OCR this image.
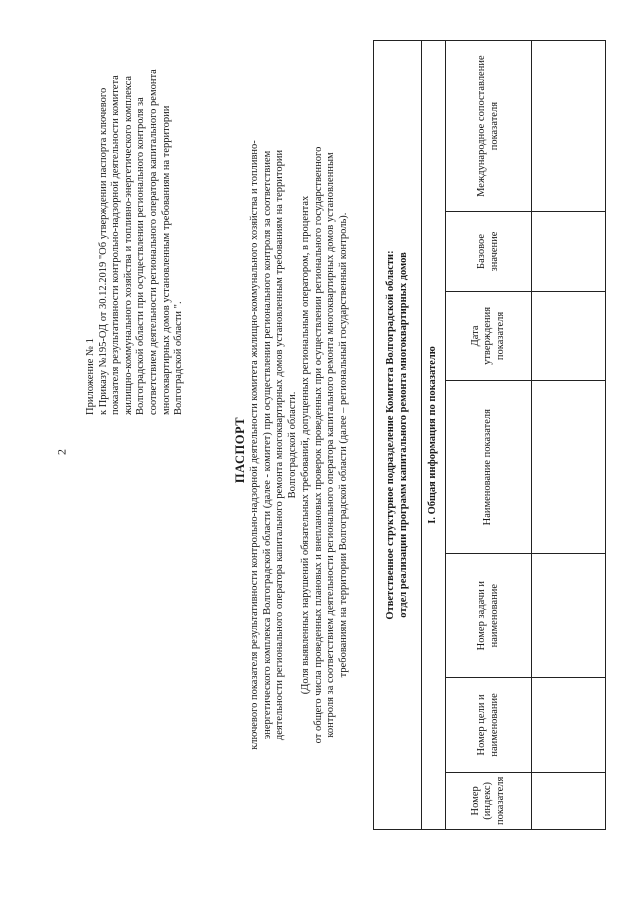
2

Приложение № 1 к Приказу №195-ОД от 30.12.2019 "Об утверждении паспорта ключевого показателя результативности контрольно-надзорной деятельности комитета жилищно-коммунального хозяйства и топливно-энергетического комплекса Волгоградской области при осуществлении регионального контроля за соответствием деятельности регионального оператора капитального ремонта многоквартирных домов установленным требованиям на территории Волгоградской области ".

ПАСПОРТ ключевого показателя результативности контрольно-надзорной деятельности комитета жилищно-коммунального хозяйства и топливно- энергетического комплекса Волгоградской области (далее - комитет) при осуществлении регионального контроля за соответствием деятельности регионального оператора капитального ремонта многоквартирных домов установленным требованиям на территории Волгоградской области. (Доля выявленных нарушений обязательных требований, допущенных региональным оператором, в процентах от общего числа проведенных плановых и внеплановых проверок проведенных при осуществлении регионального государственного контроля за соответствием деятельности регионального оператора капитального ремонта многоквартирных домов установленным требованиям на территории Волгоградской области (далее – региональный государственный контроль).	Ответственное структурное подразделение Комитета Волгоградской области: отдел реализации программ капитального ремонта многоквартирных домов						

I. Общая информация по показателю						
Номер (индекс) показателя	Номер цели и наименование	Номер задачи и наименование	Наименование показателя	Дата утверждения показателя	Базовое значение	Международное сопоставление показателя
